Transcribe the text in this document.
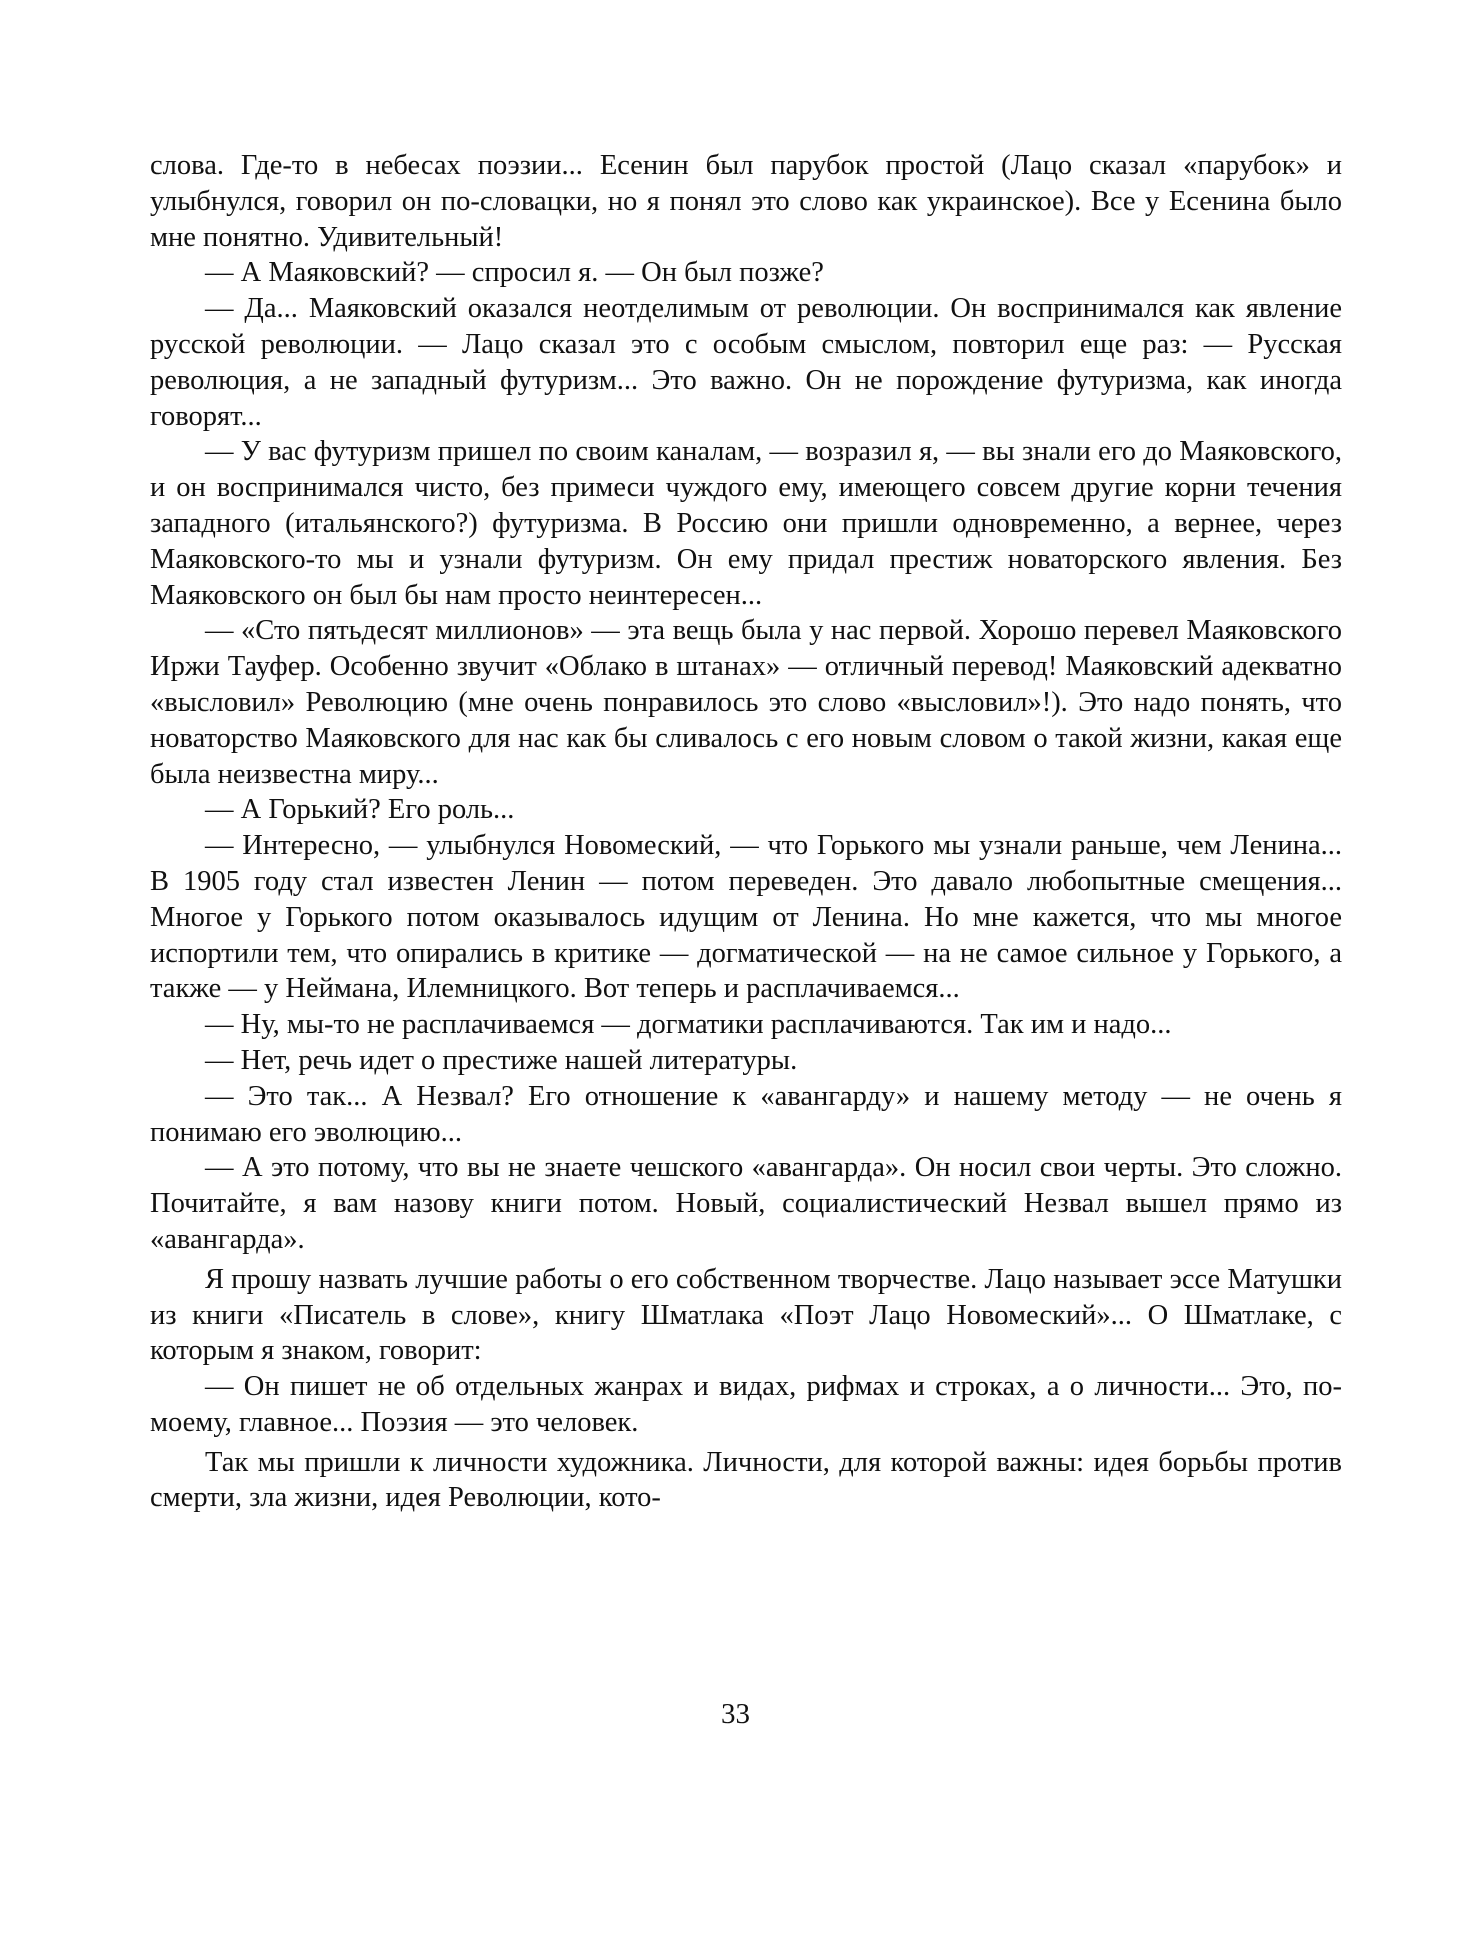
слова. Где-то в небесах поэзии... Есенин был парубок простой (Лацо сказал «парубок» и улыбнулся, говорил он по-словацки, но я понял это слово как украинское). Все у Есенина было мне понятно. Удивительный!

— А Маяковский? — спросил я. — Он был позже?

— Да... Маяковский оказался неотделимым от революции. Он воспринимался как явление русской революции. — Лацо сказал это с особым смыслом, повторил еще раз: — Русская революция, а не западный футуризм... Это важно. Он не порождение футуризма, как иногда говорят...

— У вас футуризм пришел по своим каналам, — возразил я, — вы знали его до Маяковского, и он воспринимался чисто, без примеси чуждого ему, имеющего совсем другие корни течения западного (итальянского?) футуризма. В Россию они пришли одновременно, а вернее, через Маяковского-то мы и узнали футуризм. Он ему придал престиж новаторского явления. Без Маяковского он был бы нам просто неинтересен...

— «Сто пятьдесят миллионов» — эта вещь была у нас первой. Хорошо перевел Маяковского Иржи Тауфер. Особенно звучит «Облако в штанах» — отличный перевод! Маяковский адекватно «высловил» Революцию (мне очень понравилось это слово «высловил»!). Это надо понять, что новаторство Маяковского для нас как бы сливалось с его новым словом о такой жизни, какая еще была неизвестна миру...

— А Горький? Его роль...

— Интересно, — улыбнулся Новомеский, — что Горького мы узнали раньше, чем Ленина... В 1905 году стал известен Ленин — потом переведен. Это давало любопытные смещения... Многое у Горького потом оказывалось идущим от Ленина. Но мне кажется, что мы многое испортили тем, что опирались в критике — догматической — на не самое сильное у Горького, а также — у Неймана, Илемницкого. Вот теперь и расплачиваемся...

— Ну, мы-то не расплачиваемся — догматики расплачиваются. Так им и надо...

— Нет, речь идет о престиже нашей литературы.

— Это так... А Незвал? Его отношение к «авангарду» и нашему методу — не очень я понимаю его эволюцию...

— А это потому, что вы не знаете чешского «авангарда». Он носил свои черты. Это сложно. Почитайте, я вам назову книги потом. Новый, социалистический Незвал вышел прямо из «авангарда».

Я прошу назвать лучшие работы о его собственном творчестве. Лацо называет эссе Матушки из книги «Писатель в слове», книгу Шматлака «Поэт Лацо Новомеский»... О Шматлаке, с которым я знаком, говорит:

— Он пишет не об отдельных жанрах и видах, рифмах и строках, а о личности... Это, по-моему, главное... Поэзия — это человек.

Так мы пришли к личности художника. Личности, для которой важны: идея борьбы против смерти, зла жизни, идея Революции, кото-

33
